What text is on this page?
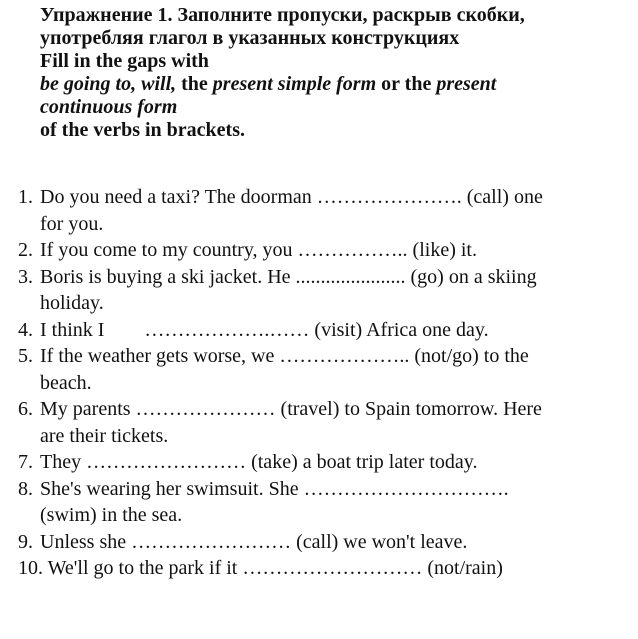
Упражнение 1. Заполните пропуски, раскрыв скобки,
употребляя глагол в указанных конструкциях
Fill in the gaps with
be going to, will, the present simple form or the present
continuous form
of the verbs in brackets.
1. Do you need a taxi? The doorman …………………. (call) one
for you.
2. If you come to my country, you …………….. (like) it.
3. Boris is buying a ski jacket. He ...................... (go) on a skiing
holiday.
4. I think I        ……………….…… (visit) Africa one day.
5. If the weather gets worse, we ……………….. (not/go) to the
beach.
6. My parents ………………… (travel) to Spain tomorrow. Here
are their tickets.
7. They …………………… (take) a boat trip later today.
8. She's wearing her swimsuit. She ………………………….
(swim) in the sea.
9. Unless she …………………… (call) we won't leave.
10. We'll go to the park if it ……………………… (not/rain)
